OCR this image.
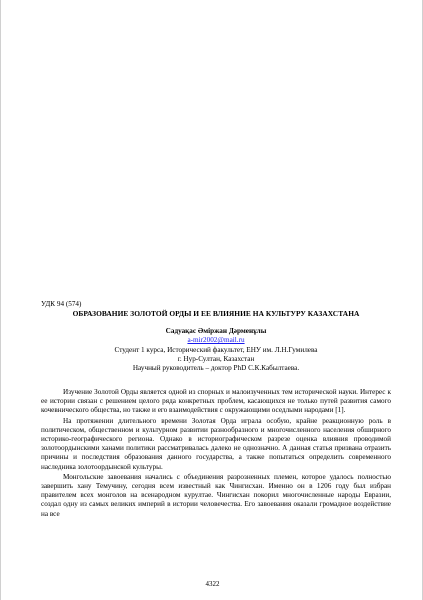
УДК 94 (574)
ОБРАЗОВАНИЕ ЗОЛОТОЙ ОРДЫ И ЕЕ ВЛИЯНИЕ НА КУЛЬТУРУ КАЗАХСТАНА
Садуақас Әміржан Дәрменұлы
a-mir2002@mail.ru
Студент 1 курса, Исторический факультет, ЕНУ им. Л.Н.Гумилева
г. Нур-Султан, Казахстан
Научный руководитель – доктор PhD С.К.Кабылтаева.

Изучение Золотой Орды является одной из спорных и малоизученных тем исторической науки. Интерес к ее истории связан с решением целого ряда конкретных проблем, касающихся не только путей развития самого кочевнического общества, но также и его взаимодействия с окружающими оседлыми народами [1].

На протяжении длительного времени Золотая Орда играла особую, крайне реакционную роль в политическом, общественном и культурном развитии разнообразного и многочисленного населения обширного историко-географического региона. Однако в историографическом разрезе оценка влияния проводимой золотоордынскими ханами политики рассматривалась далеко не однозначно. А данная статья призвана отразить причины и последствия образования данного государства, а также попытаться определить современного наследника золотоордынской культуры.

Монгольские завоевания начались с объединения разрозненных племен, которое удалось полностью завершить хану Темучину, сегодня всем известный как Чингисхан. Именно он в 1206 году был избран правителем всех монголов на всенародном курултае. Чингисхан покорил многочисленные народы Евразии, создал одну из самых великих империй в истории человечества. Его завоевания оказали громадное воздействие на все

4322
